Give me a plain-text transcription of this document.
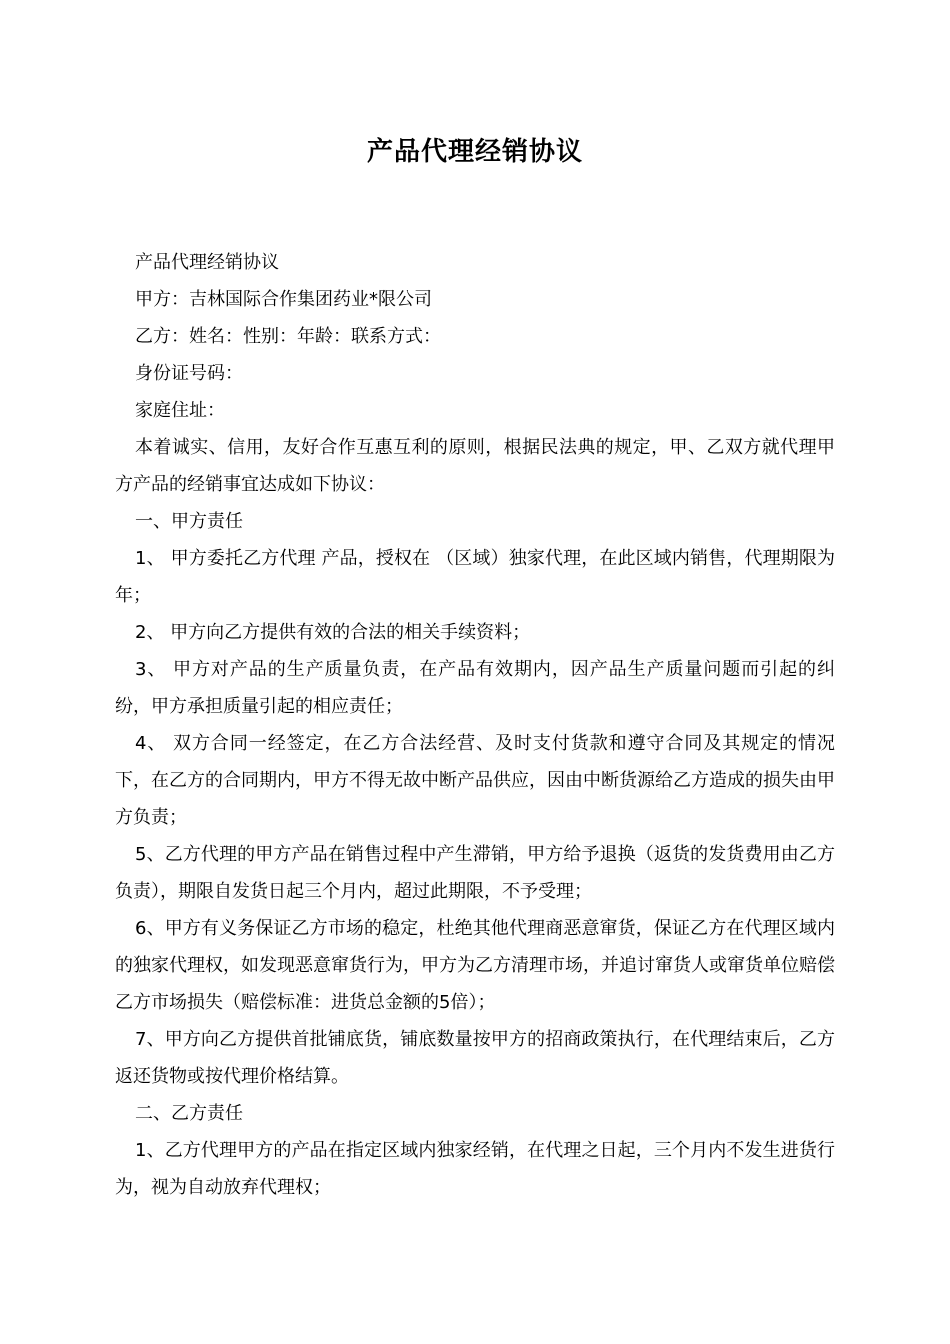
产品代理经销协议

产品代理经销协议

甲方：吉林国际合作集团药业*限公司

乙方：姓名：性别：年龄：联系方式：

身份证号码：

家庭住址：

本着诚实、信用，友好合作互惠互利的原则，根据民法典的规定，甲、乙双方就代理甲方产品的经销事宜达成如下协议：

一、甲方责任

1、 甲方委托乙方代理 产品，授权在 （区域）独家代理，在此区域内销售，代理期限为 年；

2、 甲方向乙方提供有效的合法的相关手续资料；

3、 甲方对产品的生产质量负责，在产品有效期内，因产品生产质量问题而引起的纠纷，甲方承担质量引起的相应责任；

4、 双方合同一经签定，在乙方合法经营、及时支付货款和遵守合同及其规定的情况下，在乙方的合同期内，甲方不得无故中断产品供应，因由中断货源给乙方造成的损失由甲方负责；

5、乙方代理的甲方产品在销售过程中产生滞销，甲方给予退换（返货的发货费用由乙方负责），期限自发货日起三个月内，超过此期限，不予受理；

6、甲方有义务保证乙方市场的稳定，杜绝其他代理商恶意窜货，保证乙方在代理区域内的独家代理权，如发现恶意窜货行为，甲方为乙方清理市场，并追讨窜货人或窜货单位赔偿乙方市场损失（赔偿标准：进货总金额的5倍）；

7、甲方向乙方提供首批铺底货，铺底数量按甲方的招商政策执行，在代理结束后，乙方返还货物或按代理价格结算。

二、乙方责任

1、乙方代理甲方的产品在指定区域内独家经销，在代理之日起，三个月内不发生进货行为，视为自动放弃代理权；
